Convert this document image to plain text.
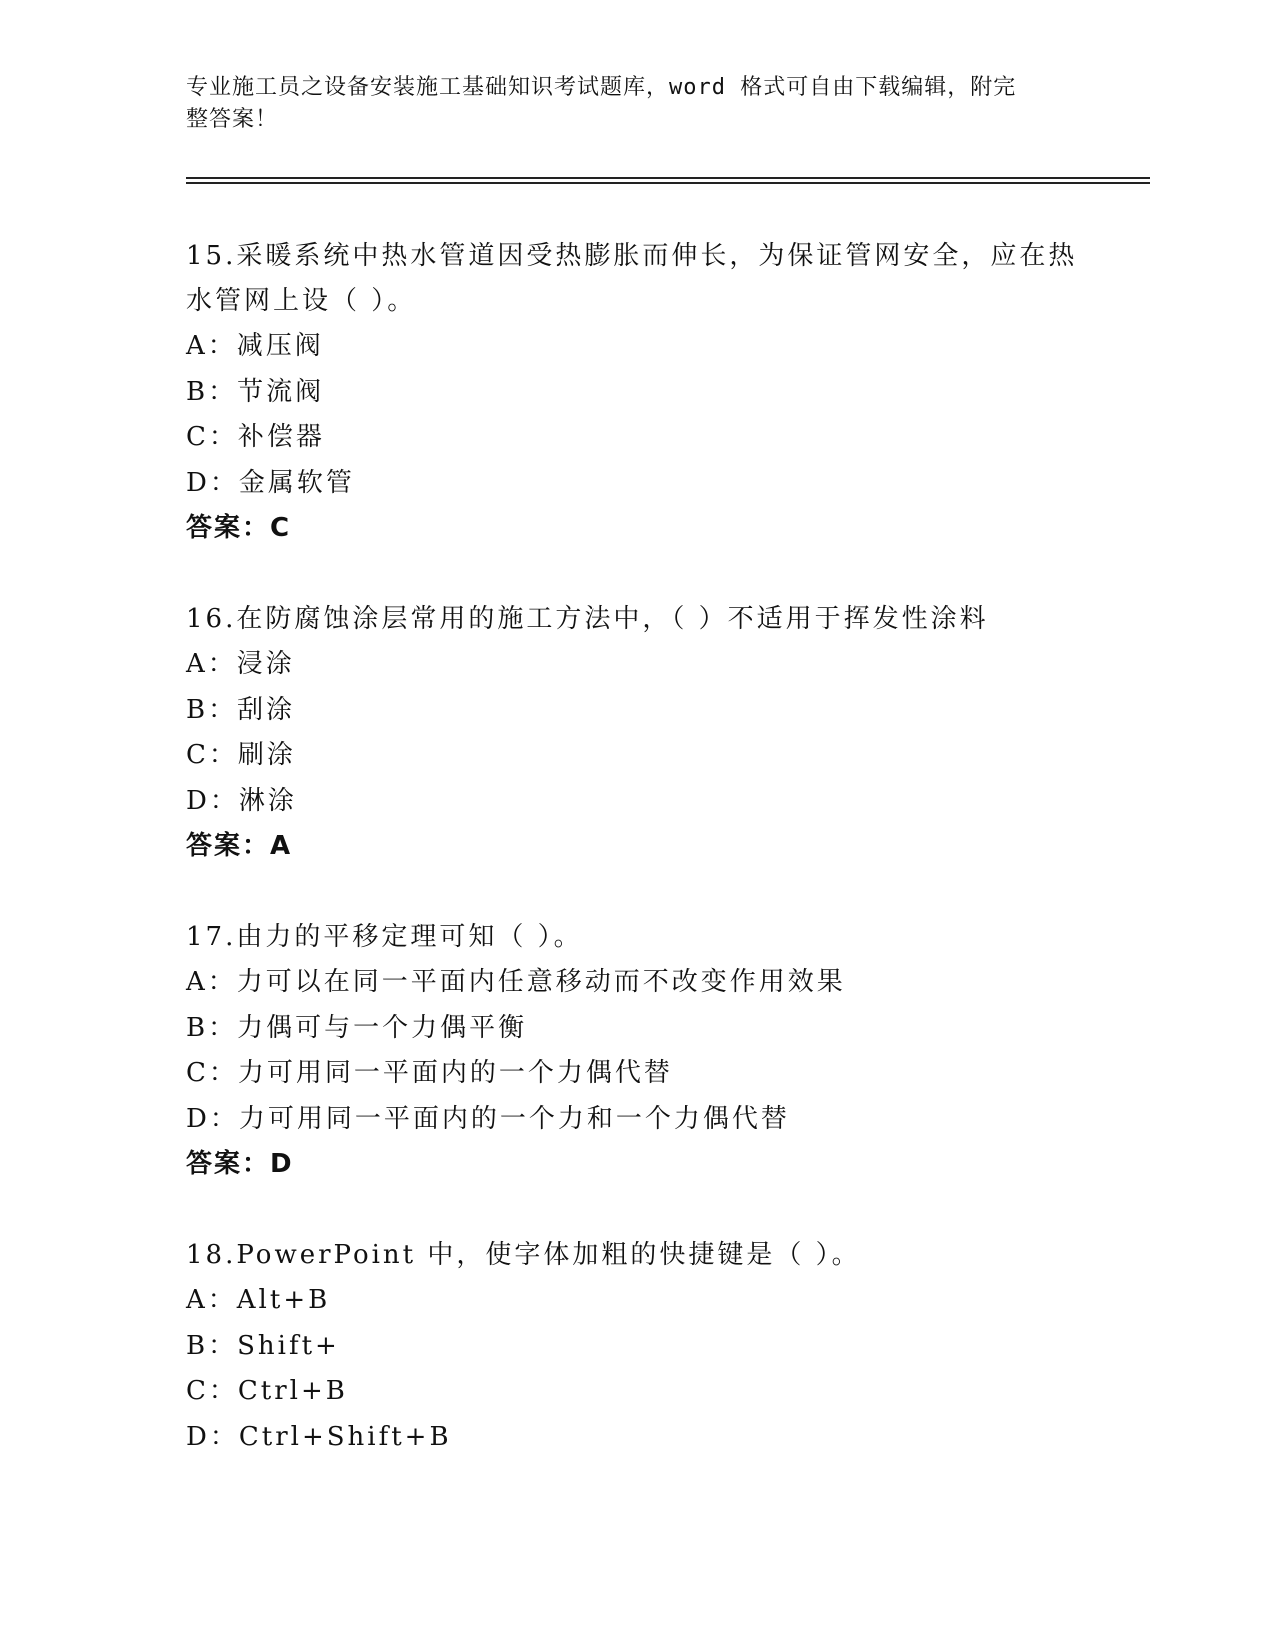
专业施工员之设备安装施工基础知识考试题库，word 格式可自由下载编辑，附完
整答案！

15.采暖系统中热水管道因受热膨胀而伸长，为保证管网安全，应在热水管网上设（ ）。

A：减压阀

B：节流阀

C：补偿器

D：金属软管

答案：C

16.在防腐蚀涂层常用的施工方法中，（ ）不适用于挥发性涂料

A：浸涂

B：刮涂

C：刷涂

D：淋涂

答案：A

17.由力的平移定理可知（ ）。

A：力可以在同一平面内任意移动而不改变作用效果

B：力偶可与一个力偶平衡

C：力可用同一平面内的一个力偶代替

D：力可用同一平面内的一个力和一个力偶代替

答案：D

18.PowerPoint 中，使字体加粗的快捷键是（ ）。

A：Alt+B

B：Shift+

C：Ctrl+B

D：Ctrl+Shift+B
